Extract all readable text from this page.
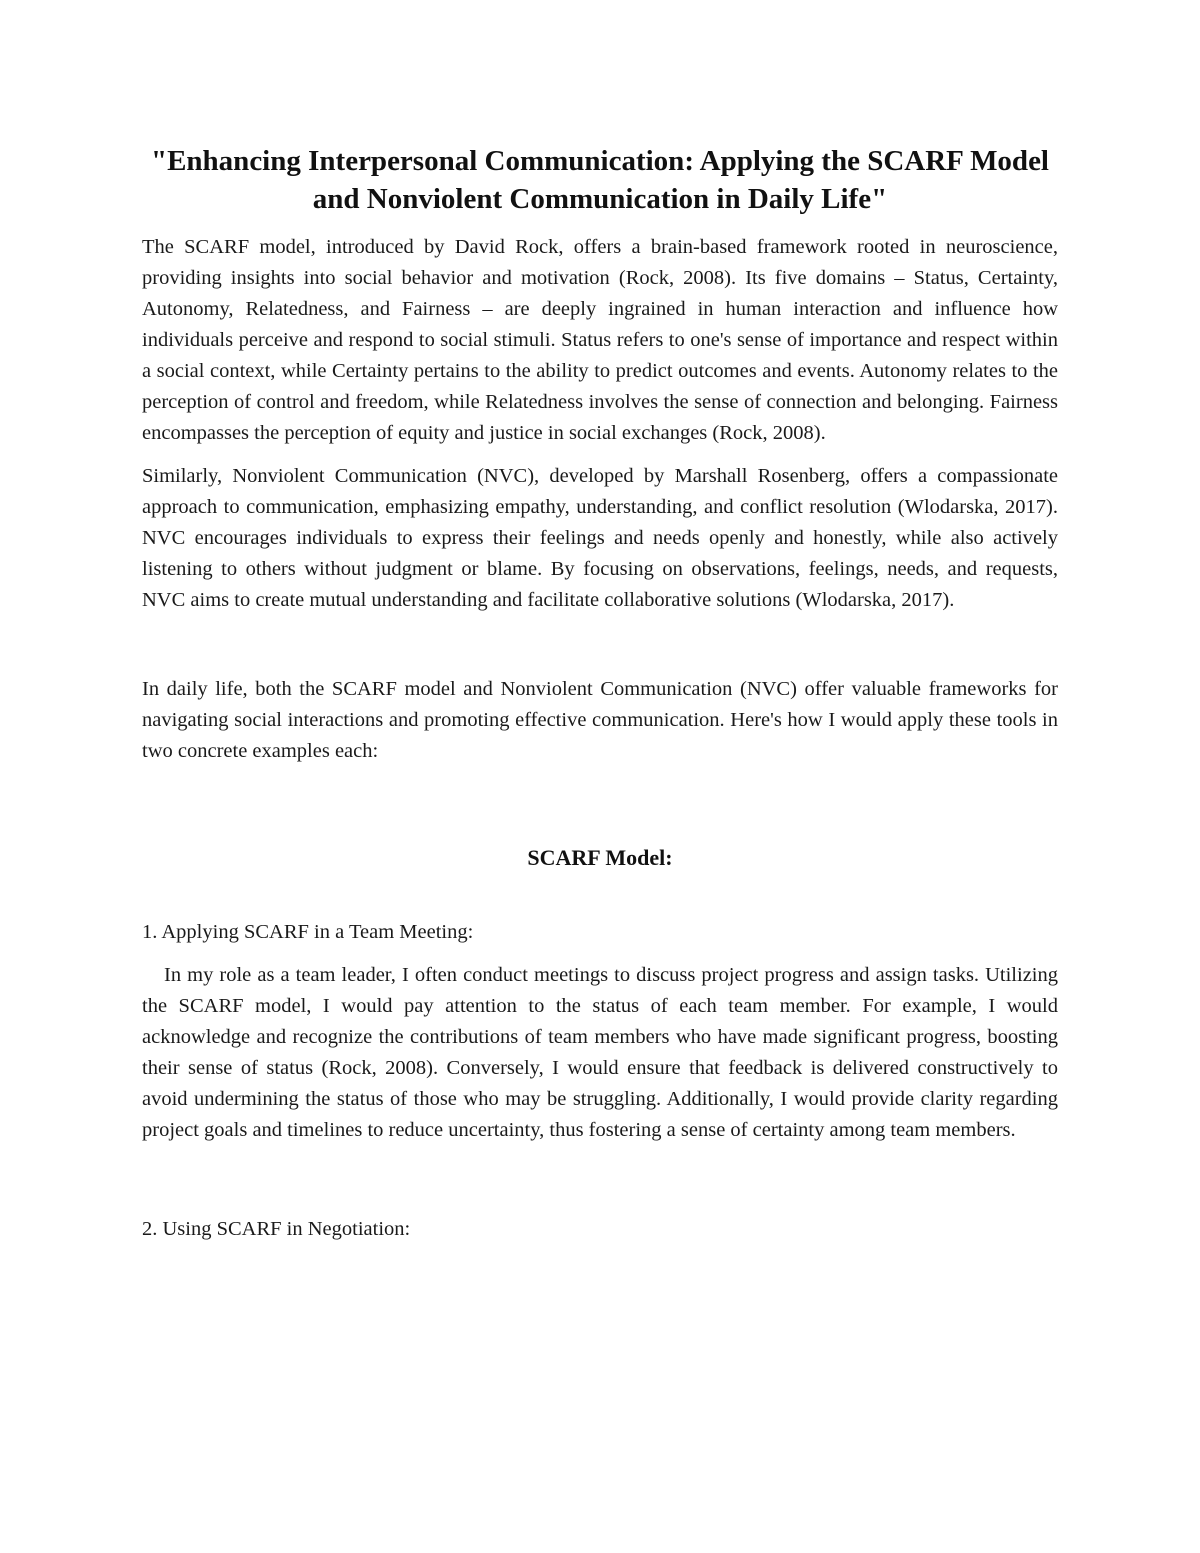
"Enhancing Interpersonal Communication: Applying the SCARF Model and Nonviolent Communication in Daily Life"

The SCARF model, introduced by David Rock, offers a brain-based framework rooted in neuroscience, providing insights into social behavior and motivation (Rock, 2008). Its five domains – Status, Certainty, Autonomy, Relatedness, and Fairness – are deeply ingrained in human interaction and influence how individuals perceive and respond to social stimuli. Status refers to one's sense of importance and respect within a social context, while Certainty pertains to the ability to predict outcomes and events. Autonomy relates to the perception of control and freedom, while Relatedness involves the sense of connection and belonging. Fairness encompasses the perception of equity and justice in social exchanges (Rock, 2008).

Similarly, Nonviolent Communication (NVC), developed by Marshall Rosenberg, offers a compassionate approach to communication, emphasizing empathy, understanding, and conflict resolution (Wlodarska, 2017). NVC encourages individuals to express their feelings and needs openly and honestly, while also actively listening to others without judgment or blame. By focusing on observations, feelings, needs, and requests, NVC aims to create mutual understanding and facilitate collaborative solutions (Wlodarska, 2017).

In daily life, both the SCARF model and Nonviolent Communication (NVC) offer valuable frameworks for navigating social interactions and promoting effective communication. Here's how I would apply these tools in two concrete examples each:

SCARF Model:

1. Applying SCARF in a Team Meeting:

In my role as a team leader, I often conduct meetings to discuss project progress and assign tasks. Utilizing the SCARF model, I would pay attention to the status of each team member. For example, I would acknowledge and recognize the contributions of team members who have made significant progress, boosting their sense of status (Rock, 2008). Conversely, I would ensure that feedback is delivered constructively to avoid undermining the status of those who may be struggling. Additionally, I would provide clarity regarding project goals and timelines to reduce uncertainty, thus fostering a sense of certainty among team members.

2. Using SCARF in Negotiation:
